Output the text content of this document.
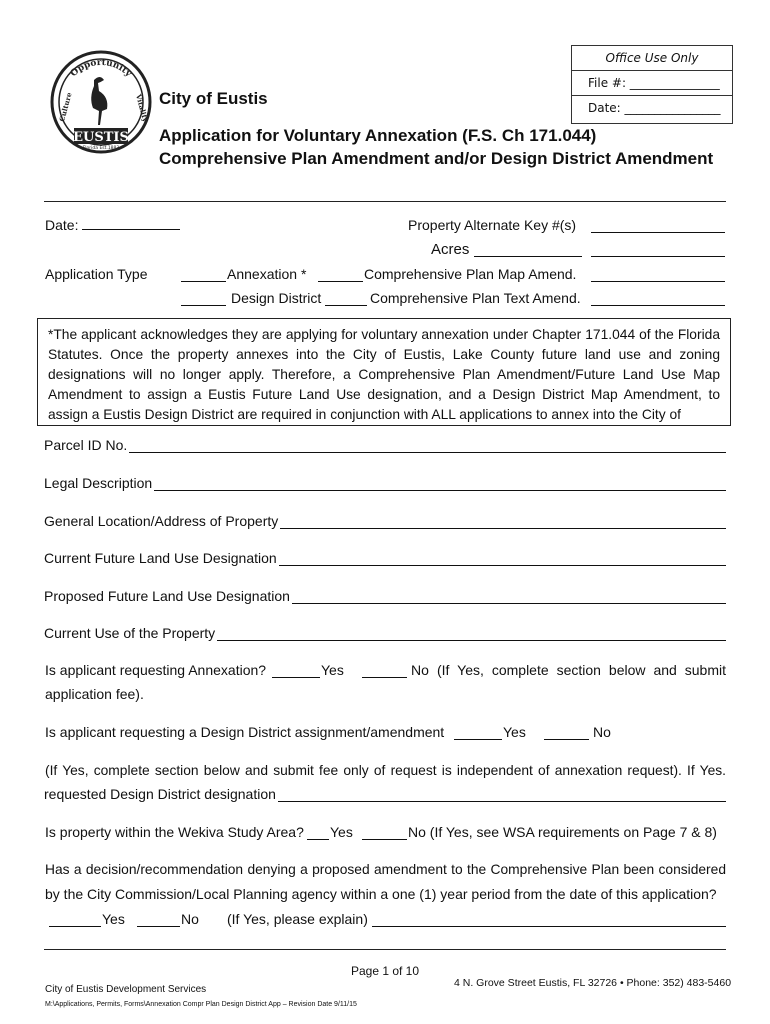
Opportunity
Culture	Vitality
EUSTIS
Florida Est.1883
Office Use Only
File #: _______________
Date: ________________
City of Eustis
Application for Voluntary Annexation (F.S. Ch 171.044)
Comprehensive Plan Amendment and/or Design District Amendment
Date:	Property Alternate Key #(s)
Acres
Application Type	Annexation *	Comprehensive Plan Map Amend.
Design District	Comprehensive Plan Text Amend.

*The applicant acknowledges they are applying for voluntary annexation under Chapter 171.044 of the Florida Statutes. Once the property annexes into the City of Eustis, Lake County future land use and zoning designations will no longer apply. Therefore, a Comprehensive Plan Amendment/Future Land Use Map Amendment to assign a Eustis Future Land Use designation, and a Design District Map Amendment, to assign a Eustis Design District are required in conjunction with ALL applications to annex into the City of

Parcel ID No.
Legal Description
General Location/Address of Property
Current Future Land Use Designation
Proposed Future Land Use Designation
Current Use of the Property
Is applicant requesting Annexation?	Yes	No (If Yes, complete section below and submit
application fee).
Is applicant requesting a Design District assignment/amendment	Yes	No
(If Yes, complete section below and submit fee only of request is independent of annexation request). If Yes.
requested Design District designation
Is property within the Wekiva Study Area? Yes	No (If Yes, see WSA requirements on Page 7 & 8)
Has a decision/recommendation denying a proposed amendment to the Comprehensive Plan been considered
by the City Commission/Local Planning agency within a one (1) year period from the date of this application?
Yes	No (If Yes, please explain)
Page 1 of 10
City of Eustis Development Services
4 N. Grove Street Eustis, FL 32726 • Phone: 352) 483-5460
M:\Applications, Permits, Forms\Annexation Compr Plan Design District App – Revision Date 9/11/15
